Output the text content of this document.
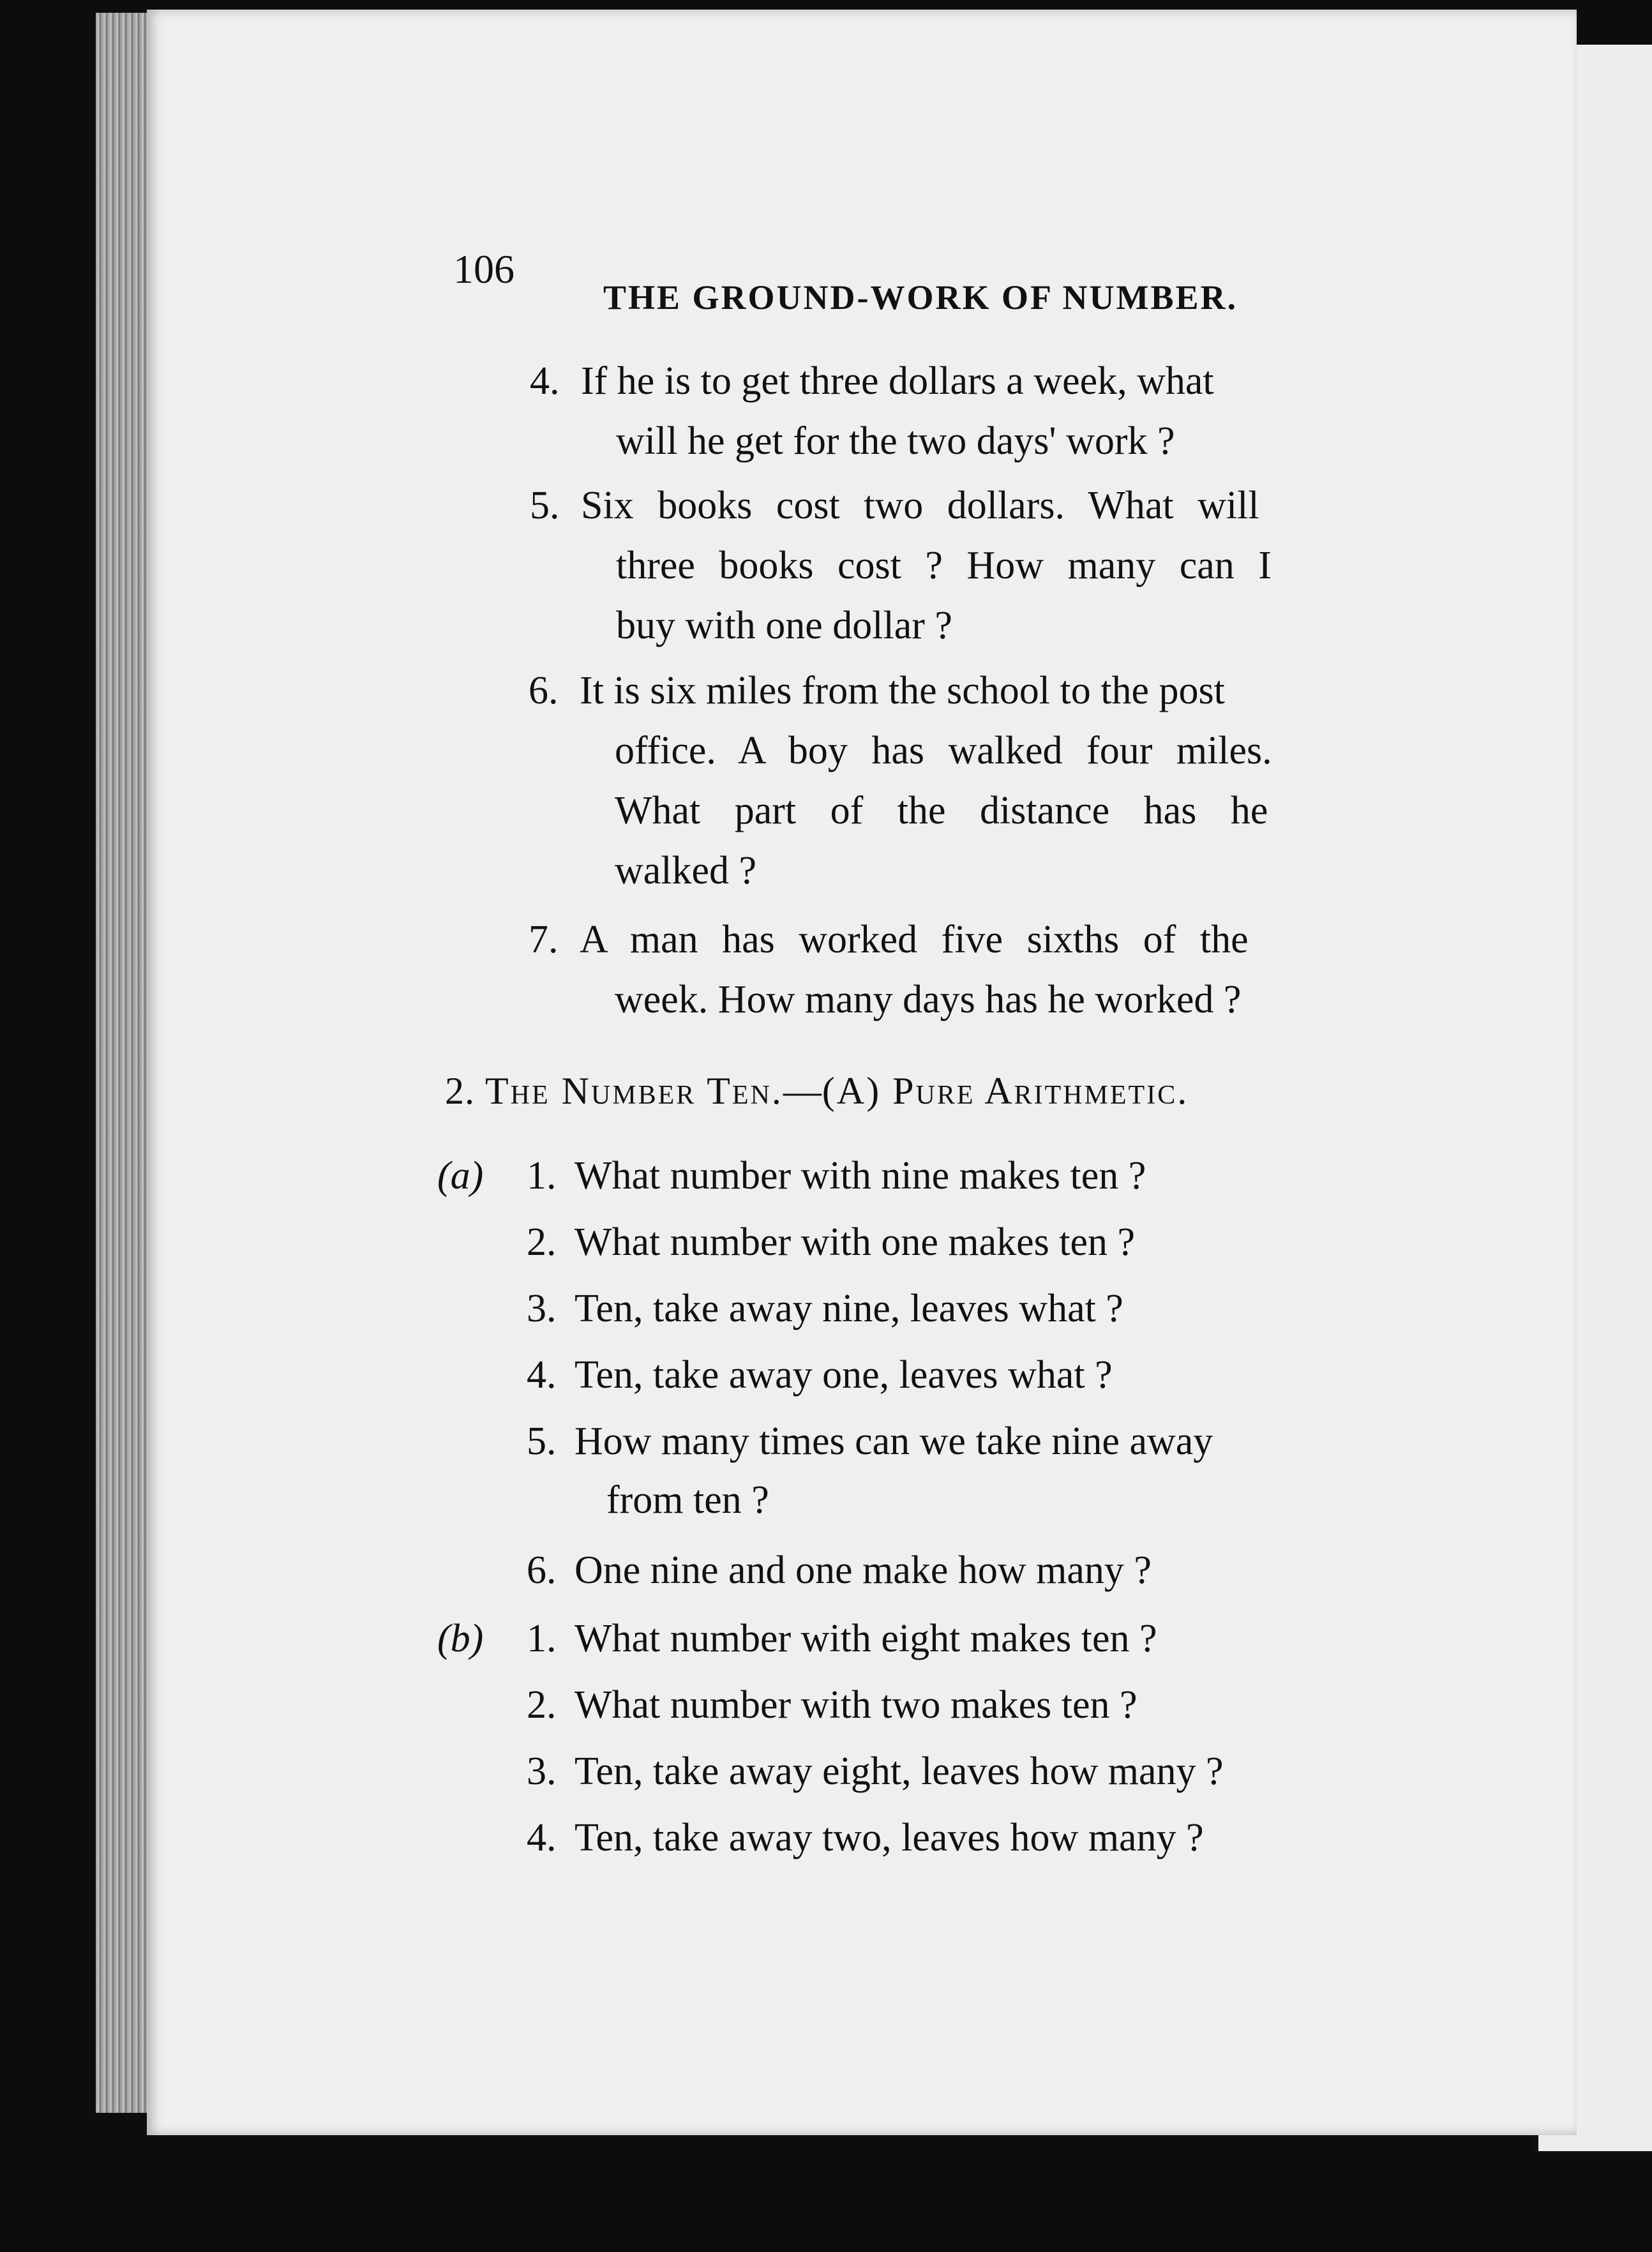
106
THE GROUND-WORK OF NUMBER.
4. If he is to get three dollars a week, what
will he get for the two days' work ?
5. Six books cost two dollars. What will
three books cost ? How many can I
buy with one dollar ?
6. It is six miles from the school to the post
office. A boy has walked four miles.
What part of the distance has he
walked ?
7. A man has worked five sixths of the
week. How many days has he worked ?
2. The Number Ten.—(A) Pure Arithmetic.
(a) 1. What number with nine makes ten ?
2. What number with one makes ten ?
3. Ten, take away nine, leaves what ?
4. Ten, take away one, leaves what ?
5. How many times can we take nine away
from ten ?
6. One nine and one make how many ?
(b) 1. What number with eight makes ten ?
2. What number with two makes ten ?
3. Ten, take away eight, leaves how many ?
4. Ten, take away two, leaves how many ?
